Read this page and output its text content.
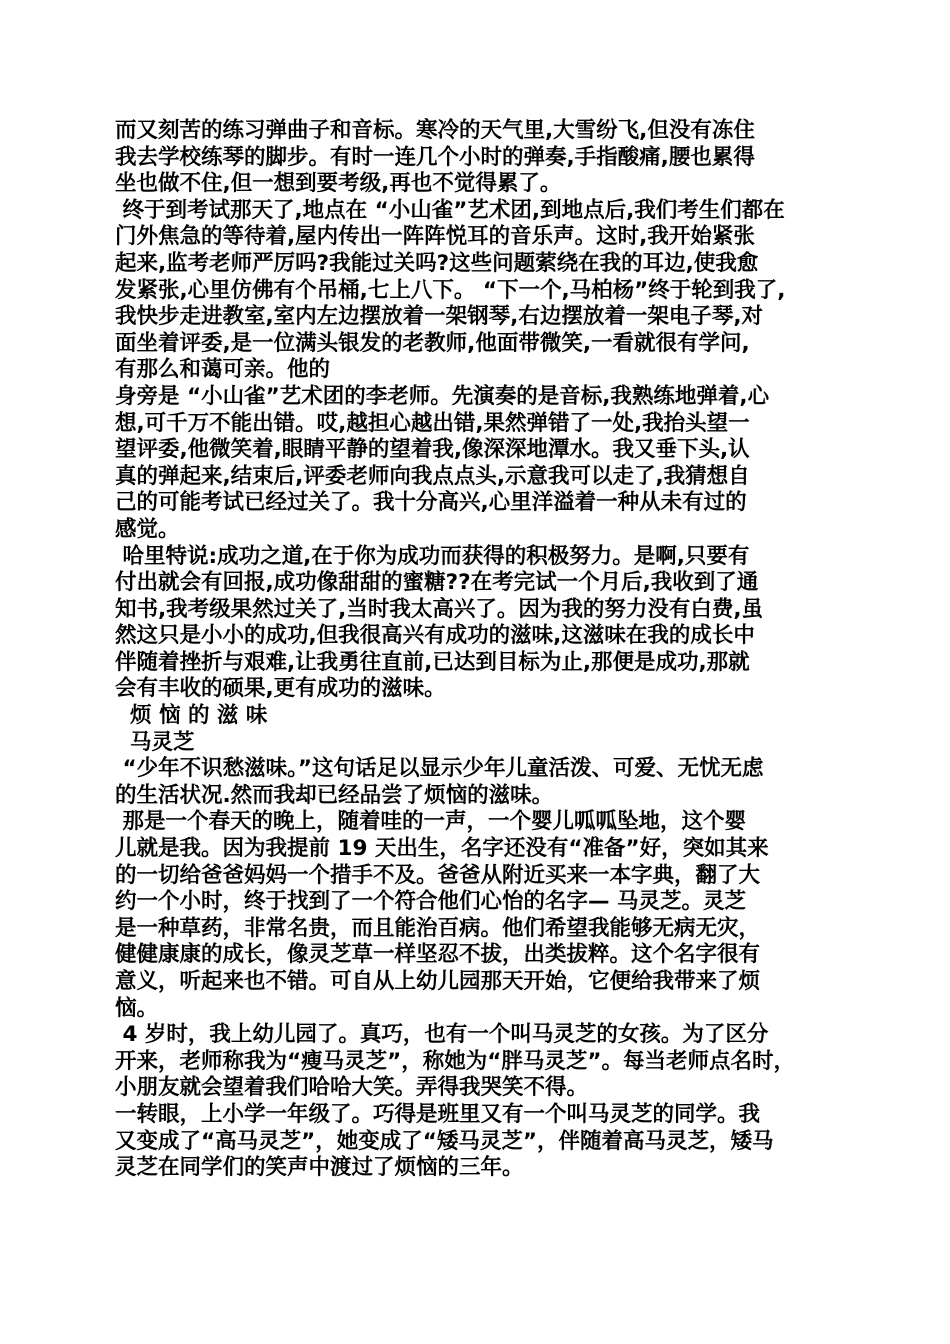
而又刻苦的练习弹曲子和音标。寒冷的天气里,大雪纷飞,但没有冻住
我去学校练琴的脚步。有时一连几个小时的弹奏,手指酸痛,腰也累得
坐也做不住,但一想到要考级,再也不觉得累了。
终于到考试那天了,地点在 “小山雀”艺术团,到地点后,我们考生们都在
门外焦急的等待着,屋内传出一阵阵悦耳的音乐声。这时,我开始紧张
起来,监考老师严厉吗?我能过关吗?这些问题萦绕在我的耳边,使我愈
发紧张,心里仿佛有个吊桶,七上八下。 “下一个,马柏杨”终于轮到我了,
我快步走进教室,室内左边摆放着一架钢琴,右边摆放着一架电子琴,对
面坐着评委,是一位满头银发的老教师,他面带微笑,一看就很有学问,
有那么和蔼可亲。他的
身旁是 “小山雀”艺术团的李老师。先演奏的是音标,我熟练地弹着,心
想,可千万不能出错。哎,越担心越出错,果然弹错了一处,我抬头望一
望评委,他微笑着,眼睛平静的望着我,像深深地潭水。我又垂下头,认
真的弹起来,结束后,评委老师向我点点头,示意我可以走了,我猜想自
己的可能考试已经过关了。我十分高兴,心里洋溢着一种从未有过的
感觉。
哈里特说:成功之道,在于你为成功而获得的积极努力。是啊,只要有
付出就会有回报,成功像甜甜的蜜糖??在考完试一个月后,我收到了通
知书,我考级果然过关了,当时我太高兴了。因为我的努力没有白费,虽
然这只是小小的成功,但我很高兴有成功的滋味,这滋味在我的成长中
伴随着挫折与艰难,让我勇往直前,已达到目标为止,那便是成功,那就
会有丰收的硕果,更有成功的滋味。
烦 恼 的 滋 味
马灵芝
“少年不识愁滋味。”这句话足以显示少年儿童活泼、可爱、无忧无虑
的生活状况.然而我却已经品尝了烦恼的滋味。
那是一个春天的晚上，随着哇的一声，一个婴儿呱呱坠地，这个婴
儿就是我。因为我提前 19 天出生，名字还没有“准备”好，突如其来
的一切给爸爸妈妈一个措手不及。爸爸从附近买来一本字典，翻了大
约一个小时，终于找到了一个符合他们心怡的名字— 马灵芝。灵芝
是一种草药，非常名贵，而且能治百病。他们希望我能够无病无灾，
健健康康的成长，像灵芝草一样坚忍不拔，出类拔粹。这个名字很有
意义，听起来也不错。可自从上幼儿园那天开始，它便给我带来了烦
恼。
4 岁时，我上幼儿园了。真巧，也有一个叫马灵芝的女孩。为了区分
开来，老师称我为“瘦马灵芝”，称她为“胖马灵芝”。每当老师点名时，
小朋友就会望着我们哈哈大笑。弄得我哭笑不得。
一转眼，上小学一年级了。巧得是班里又有一个叫马灵芝的同学。我
又变成了“高马灵芝”，她变成了“矮马灵芝”，伴随着高马灵芝，矮马
灵芝在同学们的笑声中渡过了烦恼的三年。
